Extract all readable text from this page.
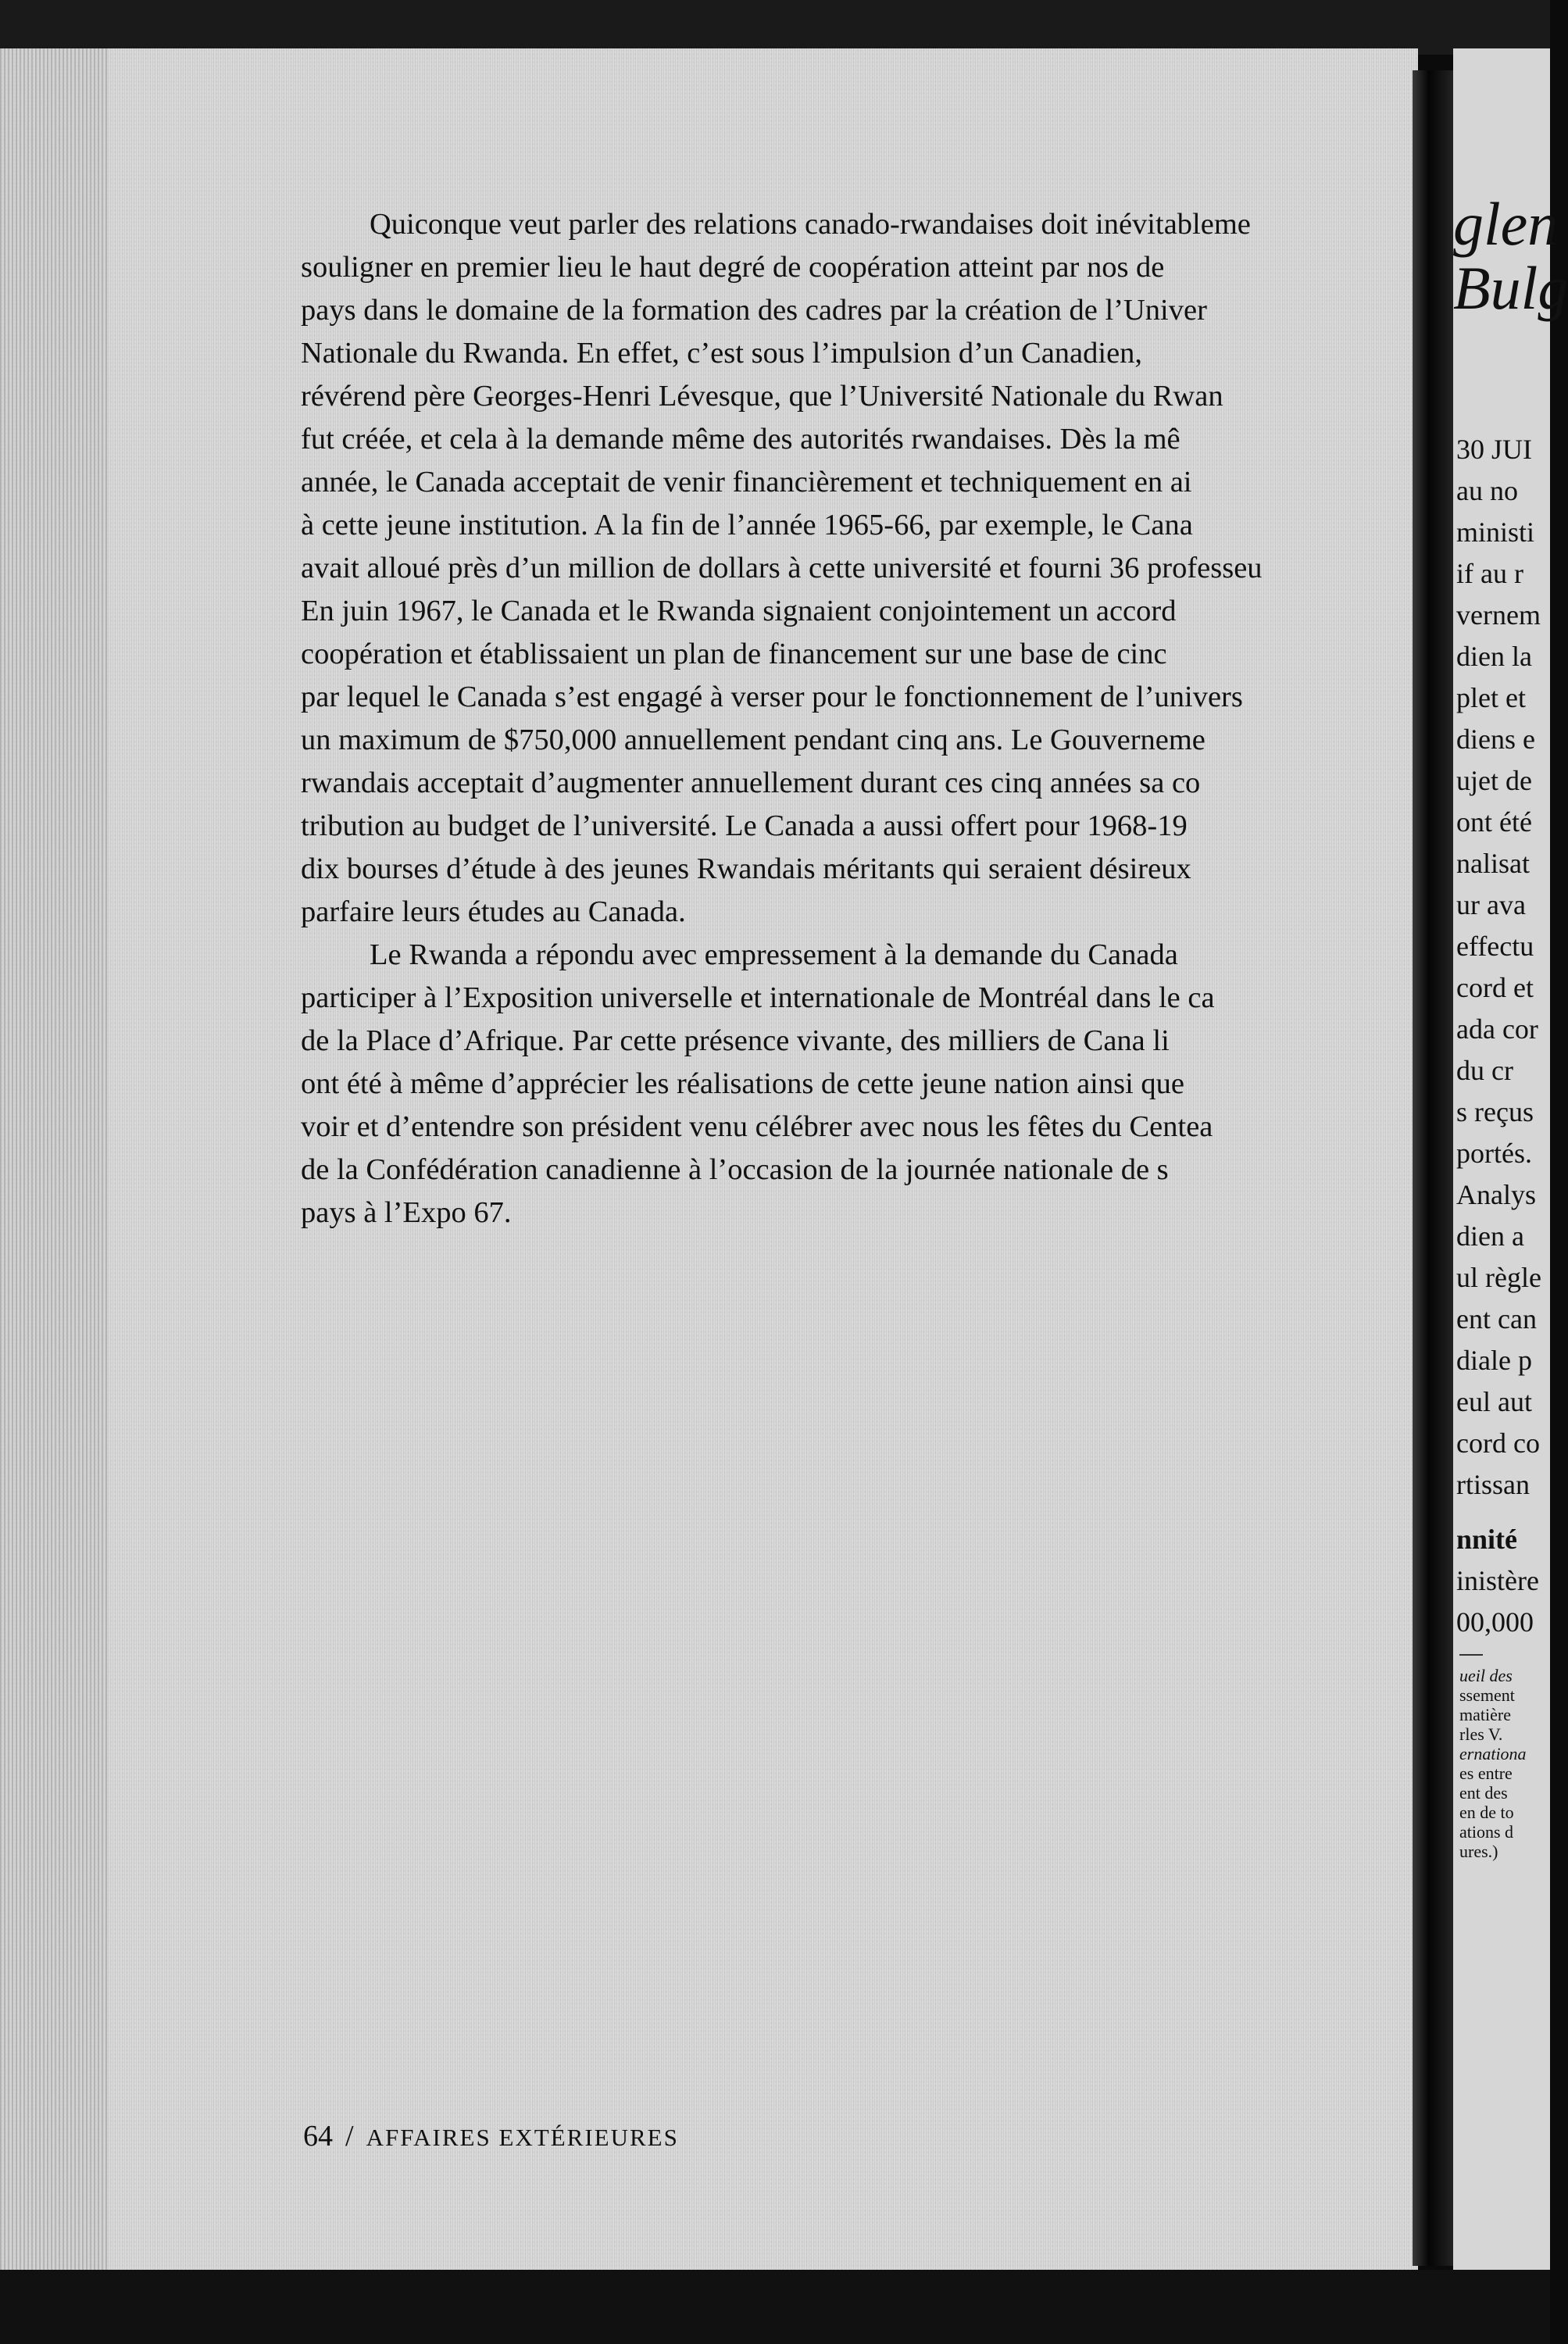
Quiconque veut parler des relations canado-rwandaises doit inévitableme
souligner en premier lieu le haut degré de coopération atteint par nos de
pays dans le domaine de la formation des cadres par la création de l’Univer
Nationale du Rwanda. En effet, c’est sous l’impulsion d’un Canadien,
révérend père Georges-Henri Lévesque, que l’Université Nationale du Rwan
fut créée, et cela à la demande même des autorités rwandaises. Dès la mê
année, le Canada acceptait de venir financièrement et techniquement en ai
à cette jeune institution. A la fin de l’année 1965-66, par exemple, le Cana
avait alloué près d’un million de dollars à cette université et fourni 36 professeu
En juin 1967, le Canada et le Rwanda signaient conjointement un accord
coopération et établissaient un plan de financement sur une base de cinc
par lequel le Canada s’est engagé à verser pour le fonctionnement de l’univers
un maximum de $750,000 annuellement pendant cinq ans. Le Gouverneme
rwandais acceptait d’augmenter annuellement durant ces cinq années sa co
tribution au budget de l’université. Le Canada a aussi offert pour 1968-19
dix bourses d’étude à des jeunes Rwandais méritants qui seraient désireux
parfaire leurs études au Canada.
Le Rwanda a répondu avec empressement à la demande du Canada
participer à l’Exposition universelle et internationale de Montréal dans le ca
de la Place d’Afrique. Par cette présence vivante, des milliers de Cana li
ont été à même d’apprécier les réalisations de cette jeune nation ainsi que
voir et d’entendre son président venu célébrer avec nous les fêtes du Centea
de la Confédération canadienne à l’occasion de la journée nationale de s
pays à l’Expo 67.
64 / AFFAIRES EXTÉRIEURES
glen
Bulg
30 JUI
au no
ministi
if au r
vernem
dien la
plet et
diens e
ujet de
ont été
nalisat
ur ava
effectu
cord et
ada cor
du cr
s reçus
portés.
Analys
dien a
ul règle
ent can
diale p
eul aut
cord co
rtissan
nnité
inistère
00,000
ueil des
ssement
matière
rles V.
ernationa
es entre
ent des
en de to
ations d
ures.)
